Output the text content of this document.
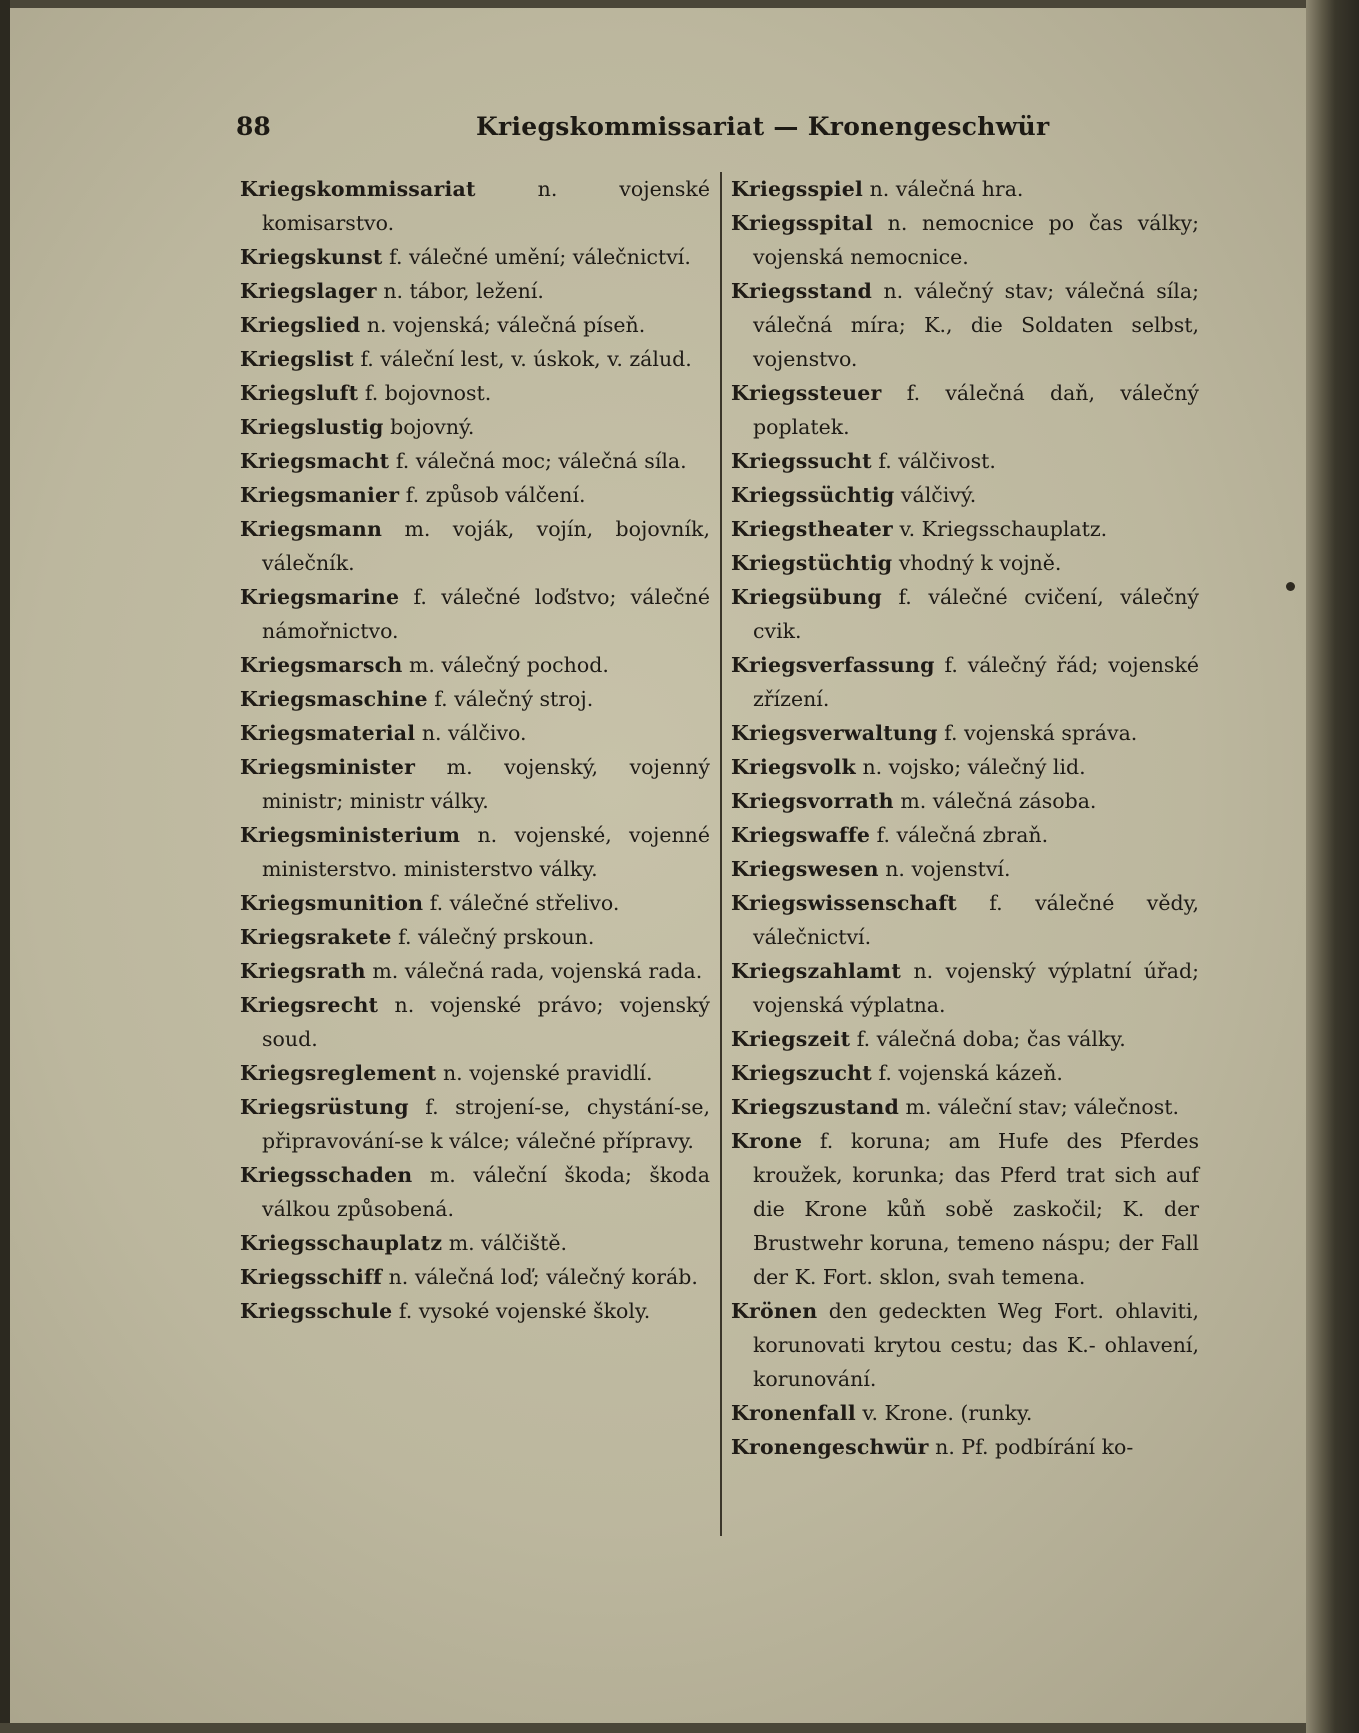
88	Kriegskommissariat — Kronengeschwür

Kriegskommissariat	n. vojenské komisarstvo.

Kriegskunst f. válečné umění; válečnictví.

Kriegslager n. tábor, ležení.

Kriegslied n. vojenská; válečná píseň.

Kriegslist f. váleční lest, v. úskok, v. zálud.

Kriegsluft f. bojovnost.

Kriegslustig bojovný.

Kriegsmacht f. válečná moc; válečná síla.

Kriegsmanier f. způsob válčení.

Kriegsmann m. voják, vojín, bojovník, válečník.

Kriegsmarine f. válečné loďstvo; válečné námořnictvo.

Kriegsmarsch m. válečný pochod.

Kriegsmaschine f. válečný stroj.

Kriegsmaterial n. válčivo.

Kriegsminister m. vojenský, vojenný ministr; ministr války.

Kriegsministerium n. vojenské, vojenné ministerstvo. ministerstvo války.

Kriegsmunition f. válečné střelivo.

Kriegsrakete f. válečný prskoun.

Kriegsrath m. válečná rada, vojenská rada.

Kriegsrecht n. vojenské právo; vojenský soud.

Kriegsreglement n. vojenské pravidlí.

Kriegsrüstung f. strojení-se, chystání-se, připravování-se k válce; válečné přípravy.

Kriegsschaden m. váleční škoda; škoda válkou způsobená.

Kriegsschauplatz m. válčiště.

Kriegsschiff n. válečná loď; válečný koráb.

Kriegsschule f. vysoké vojenské školy.

Kriegsspiel n. válečná hra.

Kriegsspital n. nemocnice po čas války; vojenská nemocnice.

Kriegsstand n. válečný stav; válečná síla; válečná míra; K., die Soldaten selbst, vojenstvo.

Kriegssteuer f. válečná daň, válečný poplatek.

Kriegssucht f. válčivost.

Kriegssüchtig válčivý.

Kriegstheater v. Kriegsschauplatz.

Kriegstüchtig vhodný k vojně.

Kriegsübung f. válečné cvičení, válečný cvik.

Kriegsverfassung f. válečný řád; vojenské zřízení.

Kriegsverwaltung f. vojenská správa.

Kriegsvolk n. vojsko; válečný lid.

Kriegsvorrath m. válečná zásoba.

Kriegswaffe f. válečná zbraň.

Kriegswesen n. vojenství.

Kriegswissenschaft f. válečné vědy, válečnictví.

Kriegszahlamt n. vojenský výplatní úřad; vojenská výplatna.

Kriegszeit f. válečná doba; čas války.

Kriegszucht f. vojenská kázeň.

Kriegszustand m. váleční stav; válečnost.

Krone f. koruna; am Hufe des Pferdes kroužek, korunka; das Pferd trat sich auf die Krone kůň sobě zaskočil; K. der Brustwehr koruna, temeno náspu; der Fall der K. Fort. sklon, svah temena.

Krönen den gedeckten Weg Fort. ohlaviti, korunovati krytou cestu; das K.- ohlavení, korunování.

Kronenfall v. Krone. (runky.

Kronengeschwür n. Pf. podbírání ko-
